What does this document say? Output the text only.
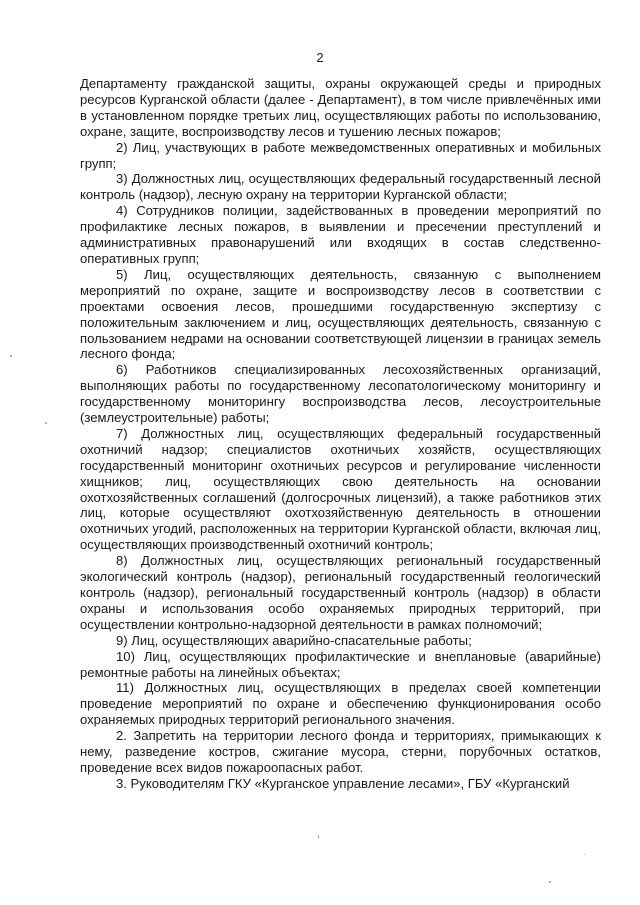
2

Департаменту гражданской защиты, охраны окружающей среды и природных ресурсов Курганской области (далее - Департамент), в том числе привлечённых ими в установленном порядке третьих лиц, осуществляющих работы по использованию, охране, защите, воспроизводству лесов и тушению лесных пожаров;

2) Лиц, участвующих в работе межведомственных оперативных и мобильных групп;

3) Должностных лиц, осуществляющих федеральный государственный лесной контроль (надзор), лесную охрану на территории Курганской области;

4) Сотрудников полиции, задействованных в проведении мероприятий по профилактике лесных пожаров, в выявлении и пресечении преступлений и административных правонарушений или входящих в состав следственно-оперативных групп;

5) Лиц, осуществляющих деятельность, связанную с выполнением мероприятий по охране, защите и воспроизводству лесов в соответствии с проектами освоения лесов, прошедшими государственную экспертизу с положительным заключением и лиц, осуществляющих деятельность, связанную с пользованием недрами на основании соответствующей лицензии в границах земель лесного фонда;

6) Работников специализированных лесохозяйственных организаций, выполняющих работы по государственному лесопатологическому мониторингу и государственному мониторингу воспроизводства лесов, лесоустроительные (землеустроительные) работы;

7) Должностных лиц, осуществляющих федеральный государственный охотничий надзор; специалистов охотничьих хозяйств, осуществляющих государственный мониторинг охотничьих ресурсов и регулирование численности хищников; лиц, осуществляющих свою деятельность на основании охотхозяйственных соглашений (долгосрочных лицензий), а также работников этих лиц, которые осуществляют охотхозяйственную деятельность в отношении охотничьих угодий, расположенных на территории Курганской области, включая лиц, осуществляющих производственный охотничий контроль;

8) Должностных лиц, осуществляющих региональный государственный экологический контроль (надзор), региональный государственный геологический контроль (надзор), региональный государственный контроль (надзор) в области охраны и использования особо охраняемых природных территорий, при осуществлении контрольно-надзорной деятельности в рамках полномочий;

9) Лиц, осуществляющих аварийно-спасательные работы;

10) Лиц, осуществляющих профилактические и внеплановые (аварийные) ремонтные работы на линейных объектах;

11) Должностных лиц, осуществляющих в пределах своей компетенции проведение мероприятий по охране и обеспечению функционирования особо охраняемых природных территорий регионального значения.

2. Запретить на территории лесного фонда и территориях, примыкающих к нему, разведение костров, сжигание мусора, стерни, порубочных остатков, проведение всех видов пожароопасных работ.

3. Руководителям ГКУ «Курганское управление лесами», ГБУ «Курганский
